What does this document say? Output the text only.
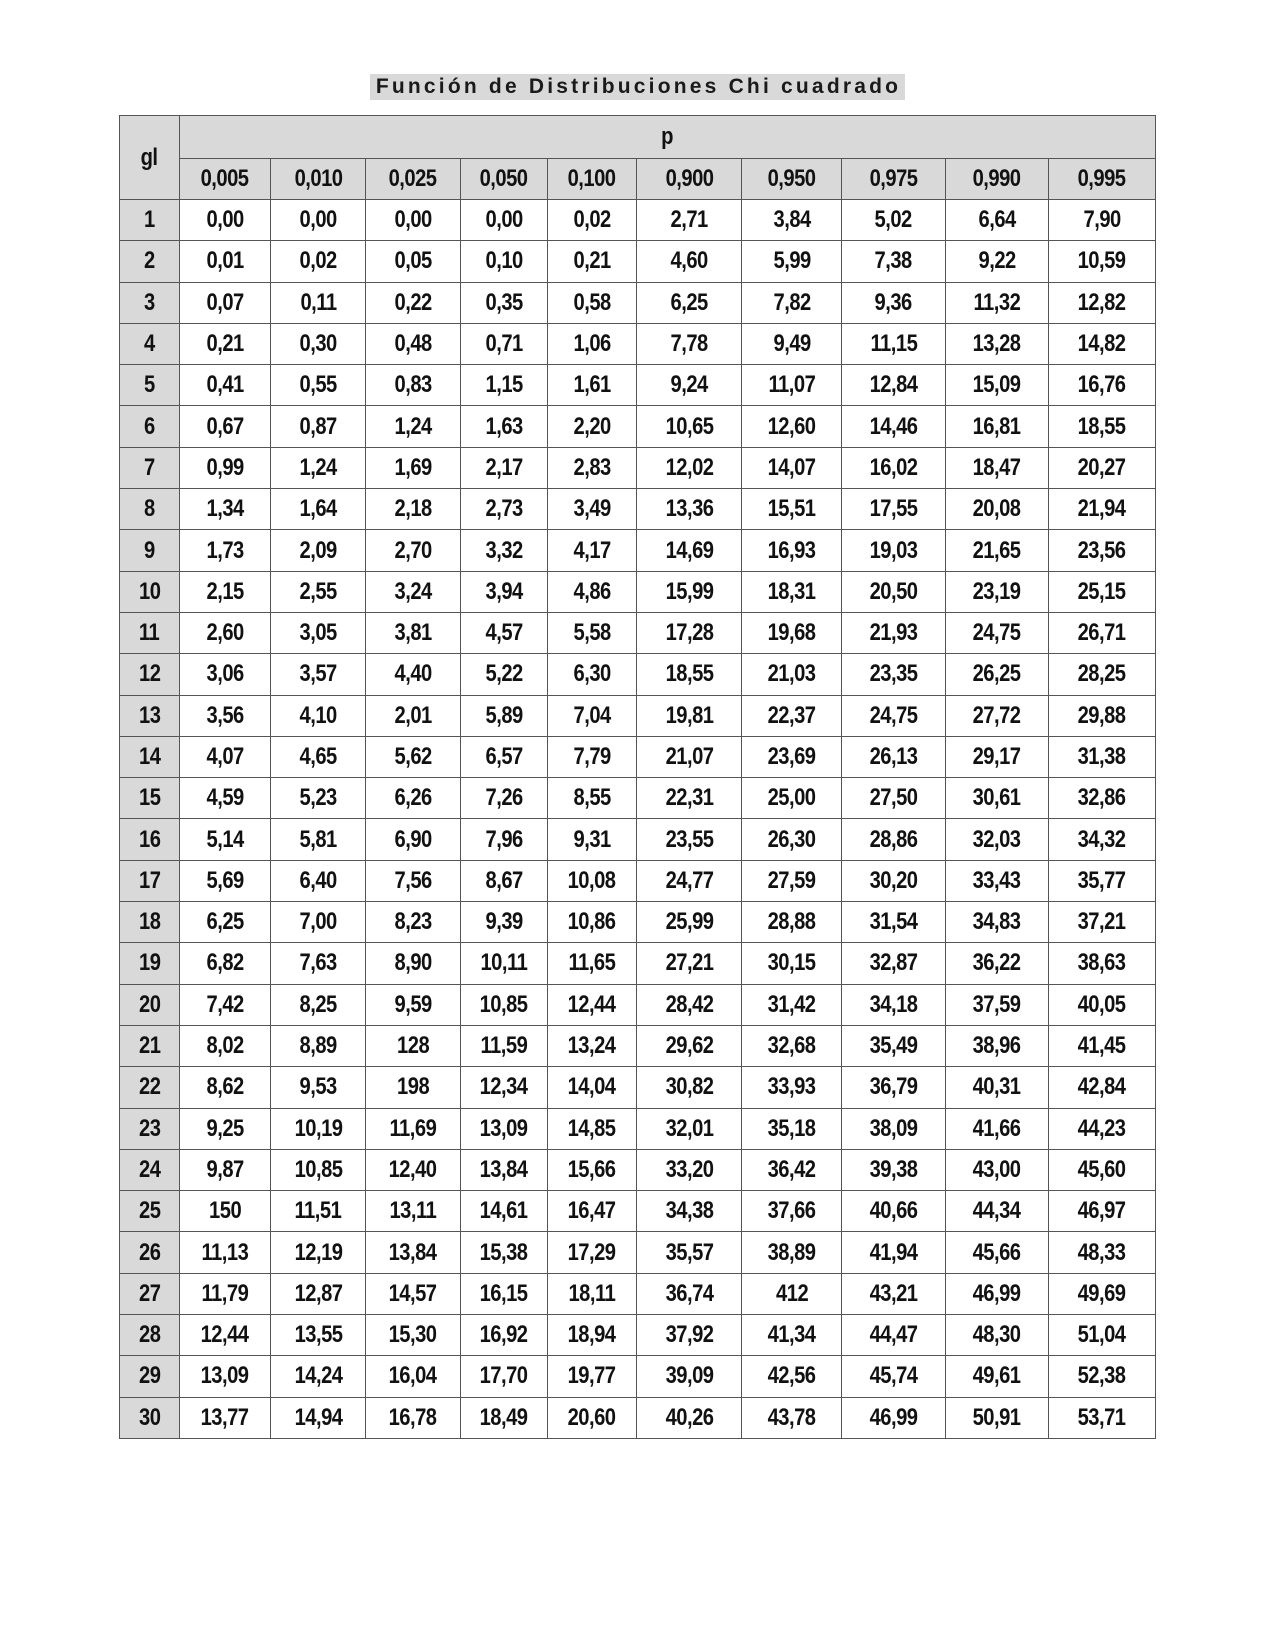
Función de Distribuciones Chi cuadrado
gl	p									
	0,005	0,010	0,025	0,050	0,100	0,900	0,950	0,975	0,990	0,995
1	0,00	0,00	0,00	0,00	0,02	2,71	3,84	5,02	6,64	7,90
2	0,01	0,02	0,05	0,10	0,21	4,60	5,99	7,38	9,22	10,59
3	0,07	0,11	0,22	0,35	0,58	6,25	7,82	9,36	11,32	12,82
4	0,21	0,30	0,48	0,71	1,06	7,78	9,49	11,15	13,28	14,82
5	0,41	0,55	0,83	1,15	1,61	9,24	11,07	12,84	15,09	16,76
6	0,67	0,87	1,24	1,63	2,20	10,65	12,60	14,46	16,81	18,55
7	0,99	1,24	1,69	2,17	2,83	12,02	14,07	16,02	18,47	20,27
8	1,34	1,64	2,18	2,73	3,49	13,36	15,51	17,55	20,08	21,94
9	1,73	2,09	2,70	3,32	4,17	14,69	16,93	19,03	21,65	23,56
10	2,15	2,55	3,24	3,94	4,86	15,99	18,31	20,50	23,19	25,15
11	2,60	3,05	3,81	4,57	5,58	17,28	19,68	21,93	24,75	26,71
12	3,06	3,57	4,40	5,22	6,30	18,55	21,03	23,35	26,25	28,25
13	3,56	4,10	2,01	5,89	7,04	19,81	22,37	24,75	27,72	29,88
14	4,07	4,65	5,62	6,57	7,79	21,07	23,69	26,13	29,17	31,38
15	4,59	5,23	6,26	7,26	8,55	22,31	25,00	27,50	30,61	32,86
16	5,14	5,81	6,90	7,96	9,31	23,55	26,30	28,86	32,03	34,32
17	5,69	6,40	7,56	8,67	10,08	24,77	27,59	30,20	33,43	35,77
18	6,25	7,00	8,23	9,39	10,86	25,99	28,88	31,54	34,83	37,21
19	6,82	7,63	8,90	10,11	11,65	27,21	30,15	32,87	36,22	38,63
20	7,42	8,25	9,59	10,85	12,44	28,42	31,42	34,18	37,59	40,05
21	8,02	8,89	128	11,59	13,24	29,62	32,68	35,49	38,96	41,45
22	8,62	9,53	198	12,34	14,04	30,82	33,93	36,79	40,31	42,84
23	9,25	10,19	11,69	13,09	14,85	32,01	35,18	38,09	41,66	44,23
24	9,87	10,85	12,40	13,84	15,66	33,20	36,42	39,38	43,00	45,60
25	150	11,51	13,11	14,61	16,47	34,38	37,66	40,66	44,34	46,97
26	11,13	12,19	13,84	15,38	17,29	35,57	38,89	41,94	45,66	48,33
27	11,79	12,87	14,57	16,15	18,11	36,74	412	43,21	46,99	49,69
28	12,44	13,55	15,30	16,92	18,94	37,92	41,34	44,47	48,30	51,04
29	13,09	14,24	16,04	17,70	19,77	39,09	42,56	45,74	49,61	52,38
30	13,77	14,94	16,78	18,49	20,60	40,26	43,78	46,99	50,91	53,71
